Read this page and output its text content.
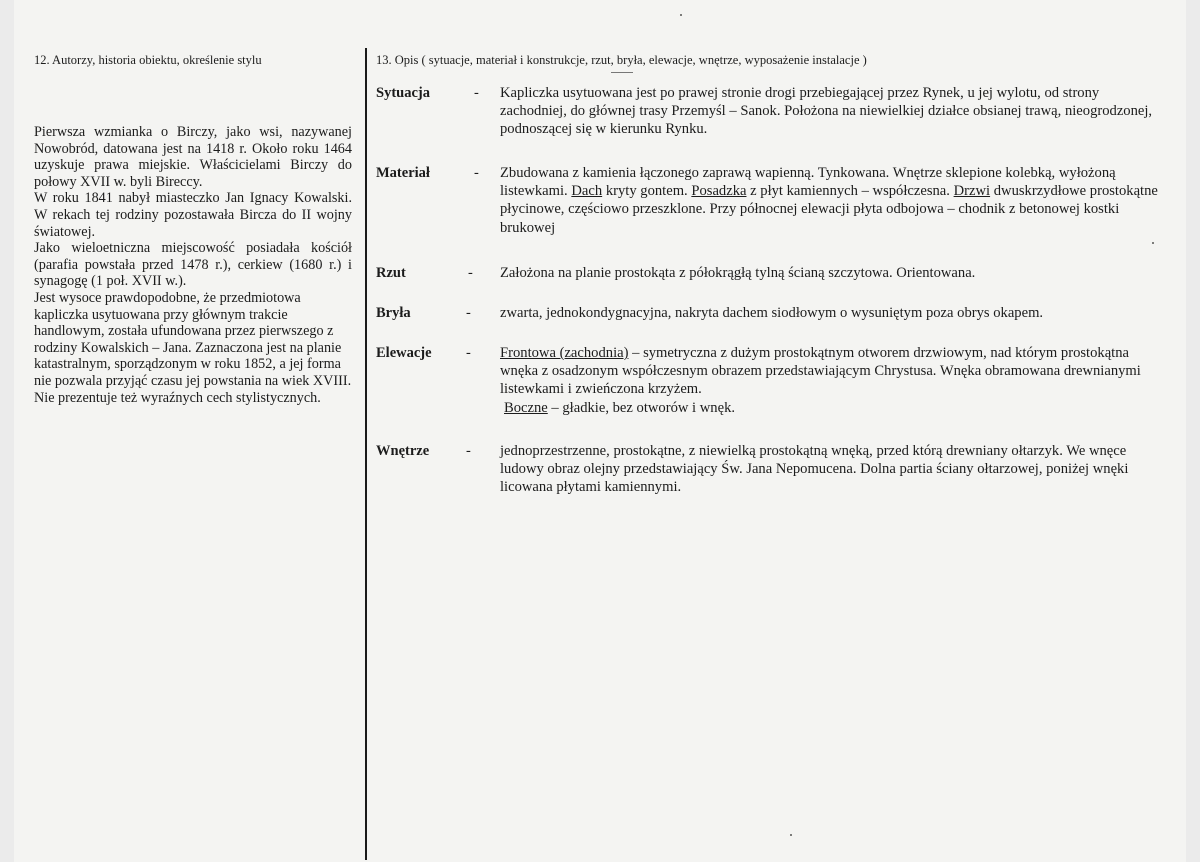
12. Autorzy, historia obiektu, określenie stylu

Pierwsza wzmianka o Birczy, jako wsi, nazywanej Nowobród, datowana jest na 1418 r. Około roku 1464 uzyskuje prawa miejskie. Właścicielami Birczy do połowy XVII w. byli Bireccy.

W roku 1841 nabył miasteczko Jan Ignacy Kowalski. W rekach tej rodziny pozostawała Bircza do II wojny światowej.

Jako wieloetniczna miejscowość posiadała kościół (parafia powstała przed 1478 r.), cerkiew (1680 r.) i synagogę (1 poł. XVII w.).

Jest wysoce prawdopodobne, że przedmiotowa kapliczka usytuowana przy głównym trakcie handlowym, została ufundowana przez pierwszego z rodziny Kowalskich – Jana. Zaznaczona jest na planie katastralnym, sporządzonym w roku 1852, a jej forma nie pozwala przyjąć czasu jej powstania na wiek XVIII. Nie prezentuje też wyraźnych cech stylistycznych.

13. Opis ( sytuacje, materiał i konstrukcje, rzut, bryła, elewacje, wnętrze, wyposażenie instalacje )

Sytuacja	- Kapliczka usytuowana jest po prawej stronie drogi przebiegającej przez Rynek, u jej wylotu, od strony zachodniej, do głównej trasy Przemyśl – Sanok. Położona na niewielkiej działce obsianej trawą, nieogrodzonej, podnoszącej się w kierunku Rynku.
Materiał	- Zbudowana z kamienia łączonego zaprawą wapienną. Tynkowana. Wnętrze sklepione kolebką, wyłożoną listewkami. Dach kryty gontem. Posadzka z płyt kamiennych – współczesna. Drzwi dwuskrzydłowe prostokątne płycinowe, częściowo przeszklone. Przy północnej elewacji płyta odbojowa – chodnik z betonowej kostki brukowej
Rzut	- Założona na planie prostokąta z półokrągłą tylną ścianą szczytowa. Orientowana.
Bryła	- zwarta, jednokondygnacyjna, nakryta dachem siodłowym o wysuniętym poza obrys okapem.
Elewacje	- Frontowa (zachodnia) – symetryczna z dużym prostokątnym otworem drzwiowym, nad którym prostokątna wnęka z osadzonym współczesnym obrazem przedstawiającym Chrystusa. Wnęka obramowana drewnianymi listewkami i zwieńczona krzyżem.
Boczne – gładkie, bez otworów i wnęk.
Wnętrze	- jednoprzestrzenne, prostokątne, z niewielką prostokątną wnęką, przed którą drewniany ołtarzyk. We wnęce ludowy obraz olejny przedstawiający Św. Jana Nepomucena. Dolna partia ściany ołtarzowej, poniżej wnęki licowana płytami kamiennymi.
